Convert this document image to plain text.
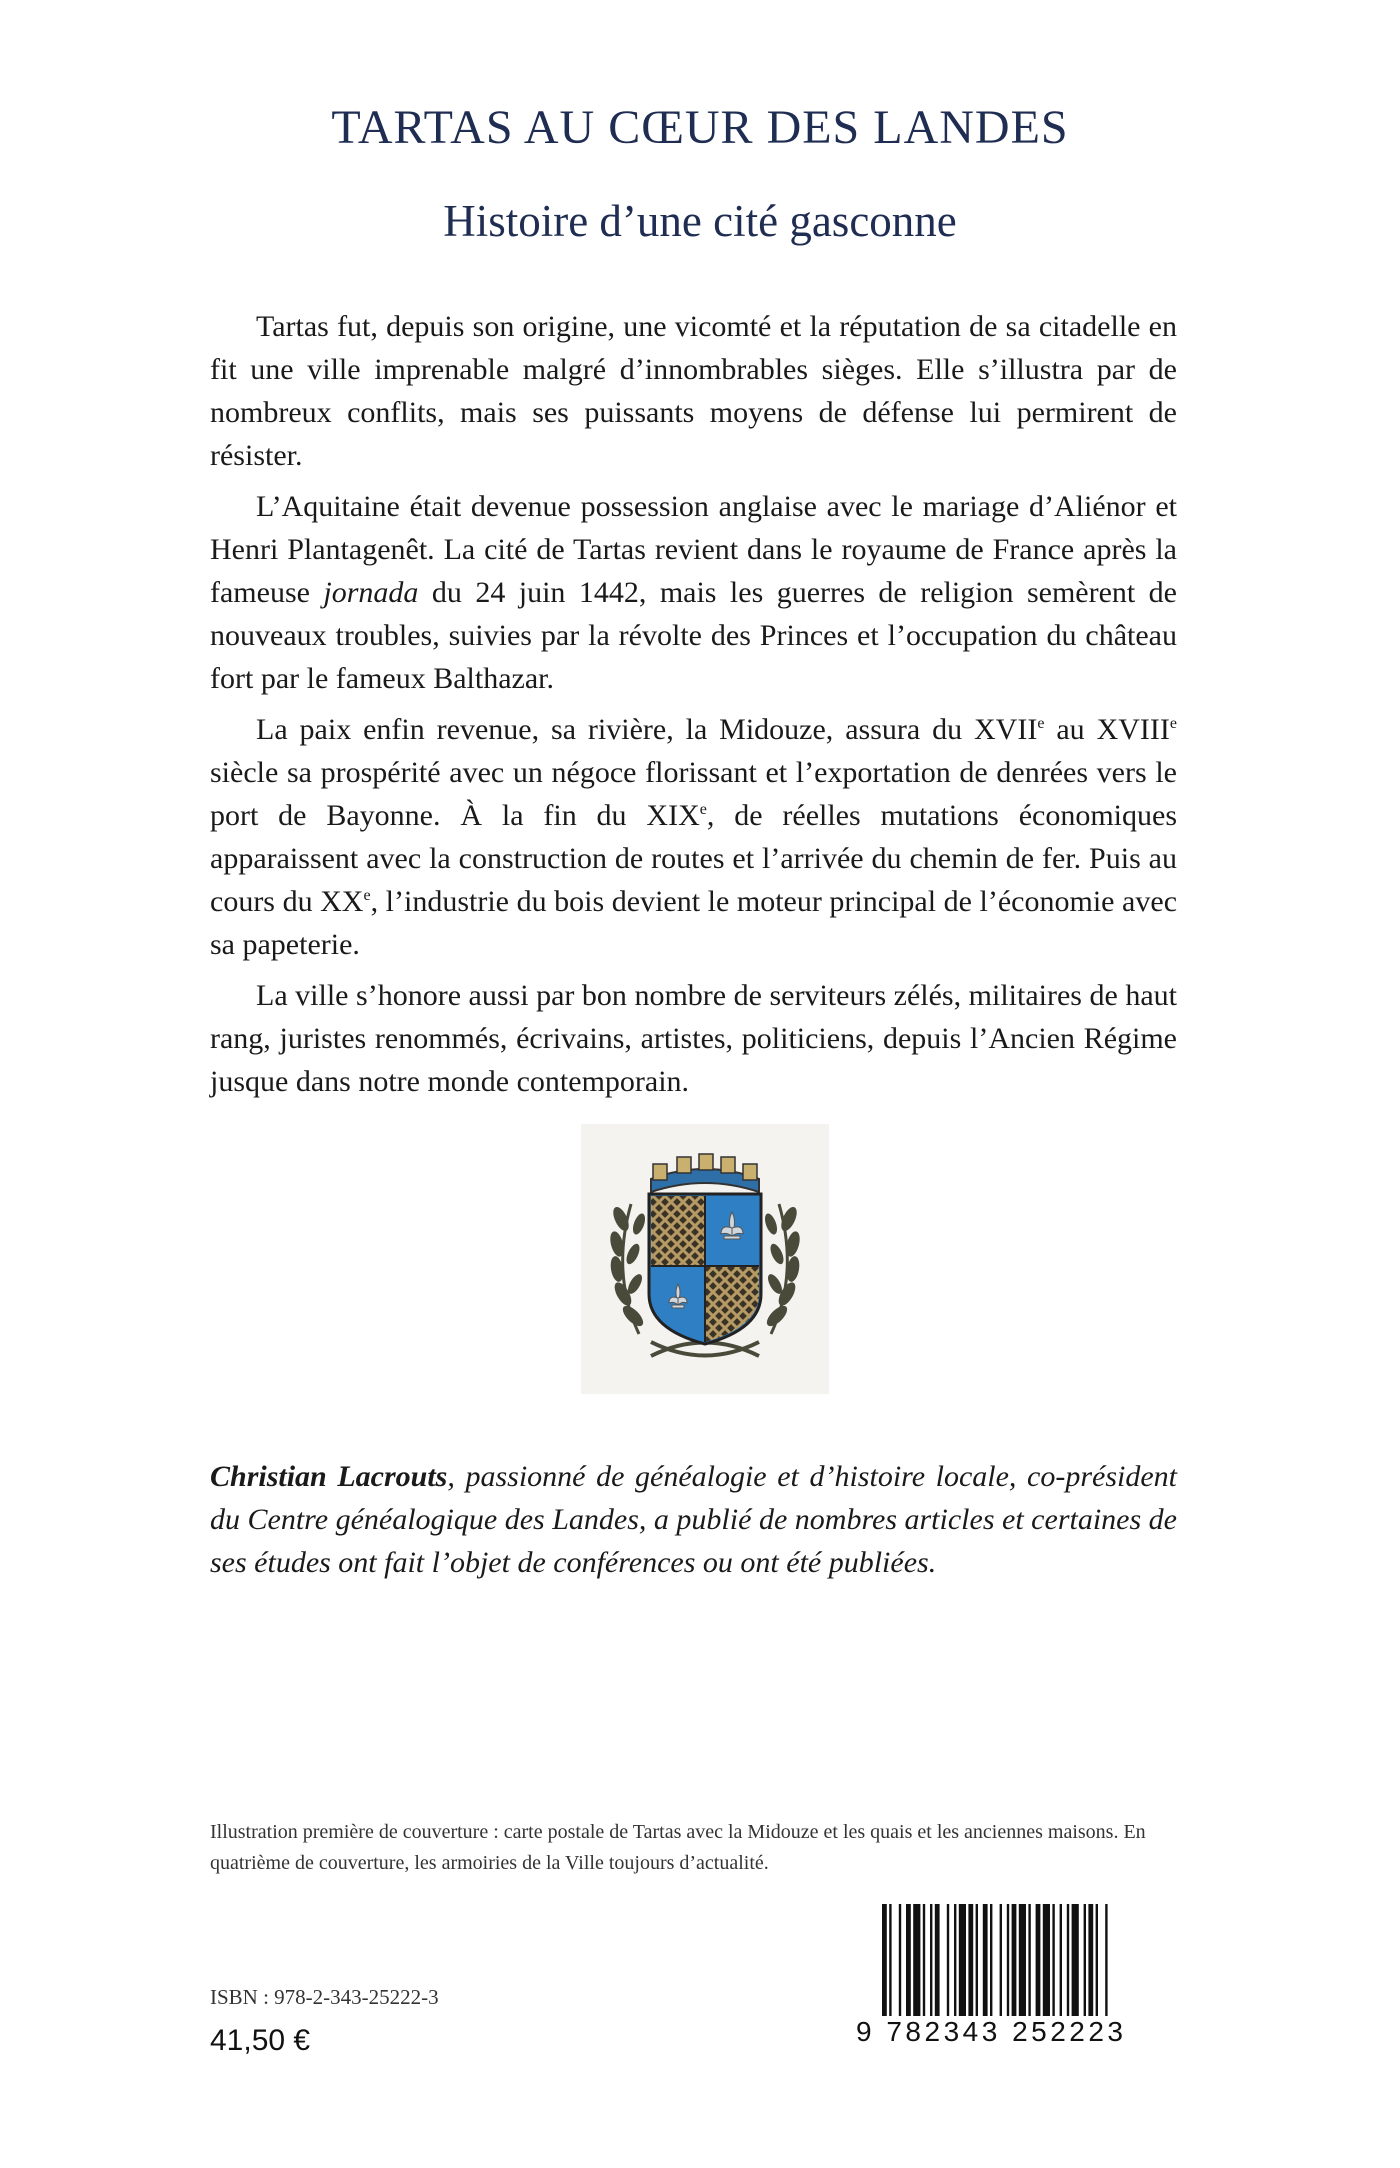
TARTAS AU CŒUR DES LANDES
Histoire d’une cité gasconne

Tartas fut, depuis son origine, une vicomté et la réputation de sa citadelle en fit une ville imprenable malgré d’innombrables sièges. Elle s’illustra par de nombreux conflits, mais ses puissants moyens de défense lui permirent de résister.

L’Aquitaine était devenue possession anglaise avec le mariage d’Aliénor et Henri Plantagenêt. La cité de Tartas revient dans le royaume de France après la fameuse jornada du 24 juin 1442, mais les guerres de religion semèrent de nouveaux troubles, suivies par la révolte des Princes et l’occupation du château fort par le fameux Balthazar.

La paix enfin revenue, sa rivière, la Midouze, assura du XVIIe au XVIIIe siècle sa prospérité avec un négoce florissant et l’exportation de denrées vers le port de Bayonne. À la fin du XIXe, de réelles mutations économiques apparaissent avec la construction de routes et l’arrivée du chemin de fer. Puis au cours du XXe, l’industrie du bois devient le moteur principal de l’économie avec sa papeterie.

La ville s’honore aussi par bon nombre de serviteurs zélés, militaires de haut rang, juristes renommés, écrivains, artistes, politiciens, depuis l’Ancien Régime jusque dans notre monde contemporain.

Christian Lacrouts, passionné de généalogie et d’histoire locale, co-président du Centre généalogique des Landes, a publié de nombres articles et certaines de ses études ont fait l’objet de conférences ou ont été publiées.
Illustration première de couverture : carte postale de Tartas avec la Midouze et les quais et les anciennes maisons. En quatrième de couverture, les armoiries de la Ville toujours d’actualité.
ISBN : 978-2-343-25222-3
41,50 €	9 782343 252223
